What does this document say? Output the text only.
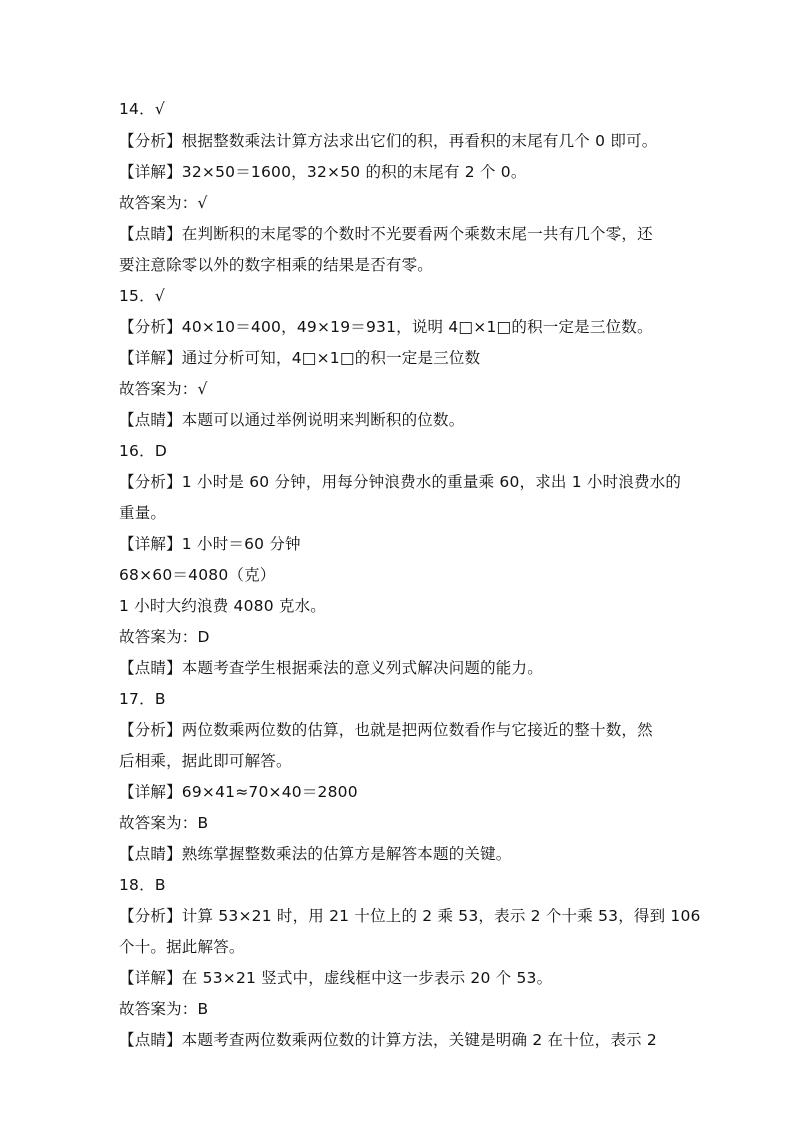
14．√
【分析】根据整数乘法计算方法求出它们的积，再看积的末尾有几个 0 即可。
【详解】32×50＝1600，32×50 的积的末尾有 2 个 0。
故答案为：√
【点睛】在判断积的末尾零的个数时不光要看两个乘数末尾一共有几个零，还
要注意除零以外的数字相乘的结果是否有零。
15．√
【分析】40×10＝400，49×19＝931，说明 4□×1□的积一定是三位数。
【详解】通过分析可知，4□×1□的积一定是三位数
故答案为：√
【点睛】本题可以通过举例说明来判断积的位数。
16．D
【分析】1 小时是 60 分钟，用每分钟浪费水的重量乘 60，求出 1 小时浪费水的
重量。
【详解】1 小时＝60 分钟
68×60＝4080（克）
1 小时大约浪费 4080 克水。
故答案为：D
【点睛】本题考查学生根据乘法的意义列式解决问题的能力。
17．B
【分析】两位数乘两位数的估算，也就是把两位数看作与它接近的整十数，然
后相乘，据此即可解答。
【详解】69×41≈70×40＝2800
故答案为：B
【点睛】熟练掌握整数乘法的估算方是解答本题的关键。
18．B
【分析】计算 53×21 时，用 21 十位上的 2 乘 53，表示 2 个十乘 53，得到 106
个十。据此解答。
【详解】在 53×21 竖式中，虚线框中这一步表示 20 个 53。
故答案为：B
【点睛】本题考查两位数乘两位数的计算方法，关键是明确 2 在十位，表示 2
